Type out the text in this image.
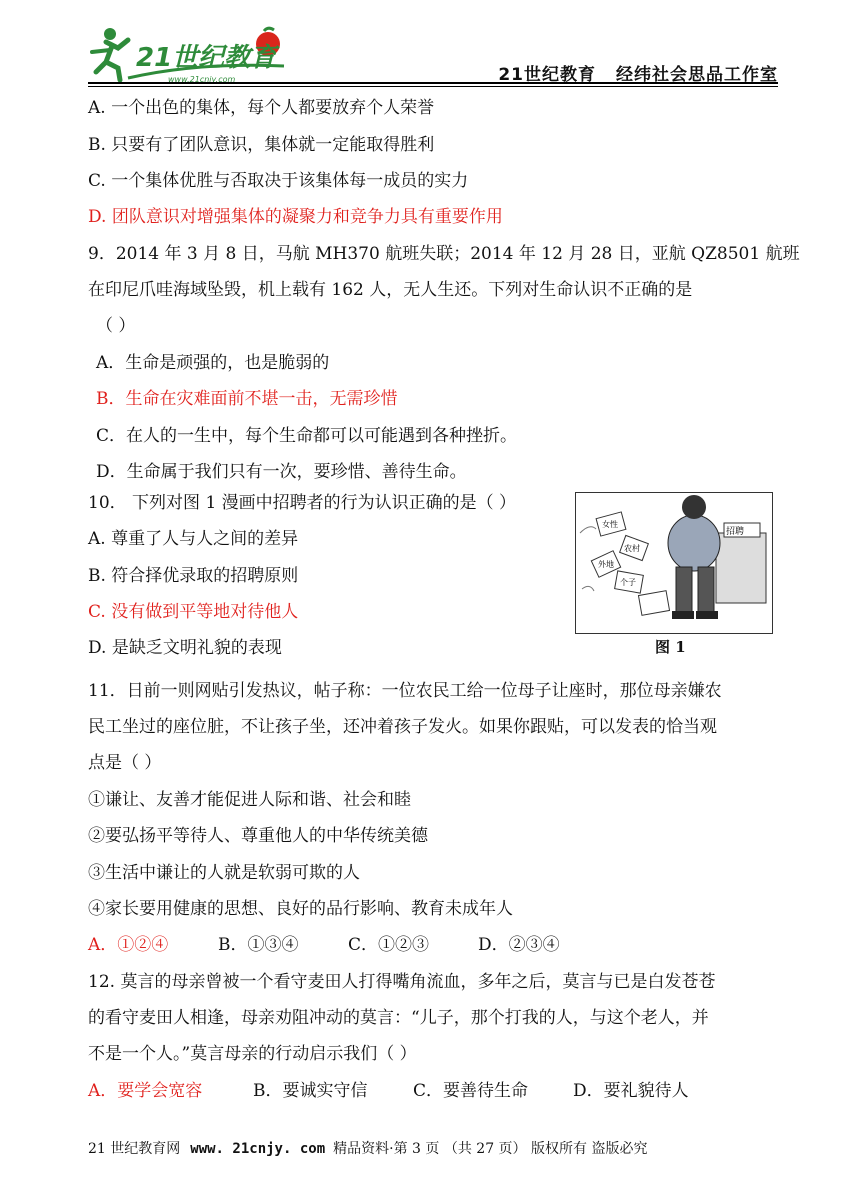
21世纪教育
www.21cnjy.com	21世纪教育 经纬社会思品工作室
A. 一个出色的集体，每个人都要放弃个人荣誉
B. 只要有了团队意识，集体就一定能取得胜利
C. 一个集体优胜与否取决于该集体每一成员的实力
D. 团队意识对增强集体的凝聚力和竞争力具有重要作用
9．2014 年 3 月 8 日，马航 MH370 航班失联；2014 年 12 月 28 日，亚航 QZ8501 航班
在印尼爪哇海域坠毁，机上载有 162 人，无人生还。下列对生命认识不正确的是
（ ）
A．生命是顽强的，也是脆弱的
B．生命在灾难面前不堪一击，无需珍惜
C．在人的一生中，每个生命都可以可能遇到各种挫折。
D．生命属于我们只有一次，要珍惜、善待生命。
10． 下列对图 1 漫画中招聘者的行为认识正确的是（ ）
A. 尊重了人与人之间的差异
B. 符合择优录取的招聘原则
C. 没有做到平等地对待他人
D. 是缺乏文明礼貌的表现
招聘
女性
农村
外地
个子
图 1
11．日前一则网贴引发热议，帖子称：一位农民工给一位母子让座时，那位母亲嫌农
民工坐过的座位脏，不让孩子坐，还冲着孩子发火。如果你跟贴，可以发表的恰当观
点是（ ）
①谦让、友善才能促进人际和谐、社会和睦
②要弘扬平等待人、尊重他人的中华传统美德
③生活中谦让的人就是软弱可欺的人
④家长要用健康的思想、良好的品行影响、教育未成年人
A．①②④	B．①③④	C．①②③	D．②③④
12. 莫言的母亲曾被一个看守麦田人打得嘴角流血，多年之后，莫言与已是白发苍苍
的看守麦田人相逢，母亲劝阻冲动的莫言：“儿子，那个打我的人，与这个老人，并
不是一个人。”莫言母亲的行动启示我们（ ）
A．要学会宽容	B．要诚实守信	C．要善待生命	D．要礼貌待人
21 世纪教育网 www. 21cnjy. com 精品资料·第 3 页 （共 27 页） 版权所有 盗版必究
